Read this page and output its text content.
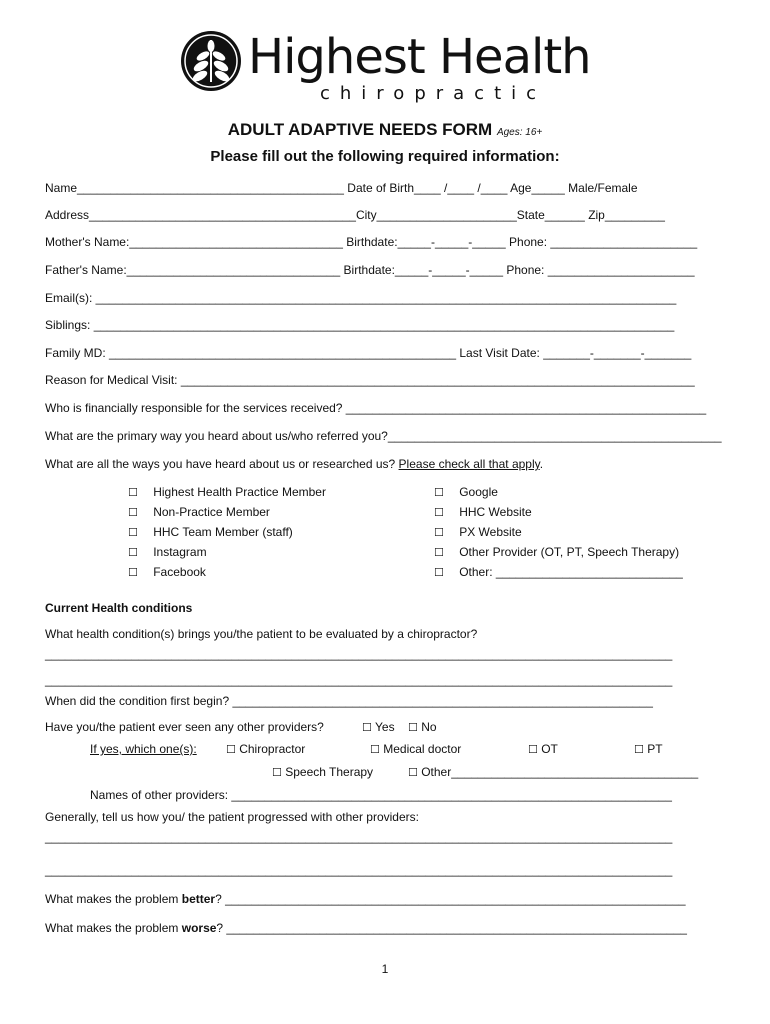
Highest Health
chiropractic
ADULT ADAPTIVE NEEDS FORM Ages: 16+
Please fill out the following required information:
Name________________________________________ Date of Birth____ /____ /____ Age_____ Male/Female
Address________________________________________City_____________________State______ Zip_________
Mother's Name:________________________________ Birthdate:_____-_____-_____ Phone: ______________________
Father's Name:________________________________ Birthdate:_____-_____-_____ Phone: ______________________
Email(s): _______________________________________________________________________________________
Siblings: _______________________________________________________________________________________
Family MD: ____________________________________________________ Last Visit Date: _______-_______-_______
Reason for Medical Visit: _____________________________________________________________________________
Who is financially responsible for the services received? ______________________________________________________
What are the primary way you heard about us/who referred you?__________________________________________________
What are all the ways you have heard about us or researched us? Please check all that apply.
☐ Highest Health Practice Member
☐ Non-Practice Member
☐ HHC Team Member (staff)
☐ Instagram
☐ Facebook
☐ Google
☐ HHC Website
☐ PX Website
☐ Other Provider (OT, PT, Speech Therapy)
☐ Other: ____________________________
Current Health conditions
What health condition(s) brings you/the patient to be evaluated by a chiropractor?
______________________________________________________________________________________________
______________________________________________________________________________________________
When did the condition first begin? _______________________________________________________________
Have you/the patient ever seen any other providers?	☐ Yes ☐ No
If yes, which one(s):	☐ Chiropractor	☐ Medical doctor	☐ OT	☐ PT
☐ Speech Therapy	☐ Other_____________________________________
Names of other providers: __________________________________________________________________
Generally, tell us how you/ the patient progressed with other providers:
______________________________________________________________________________________________
______________________________________________________________________________________________
What makes the problem better? _____________________________________________________________________
What makes the problem worse? _____________________________________________________________________
1
